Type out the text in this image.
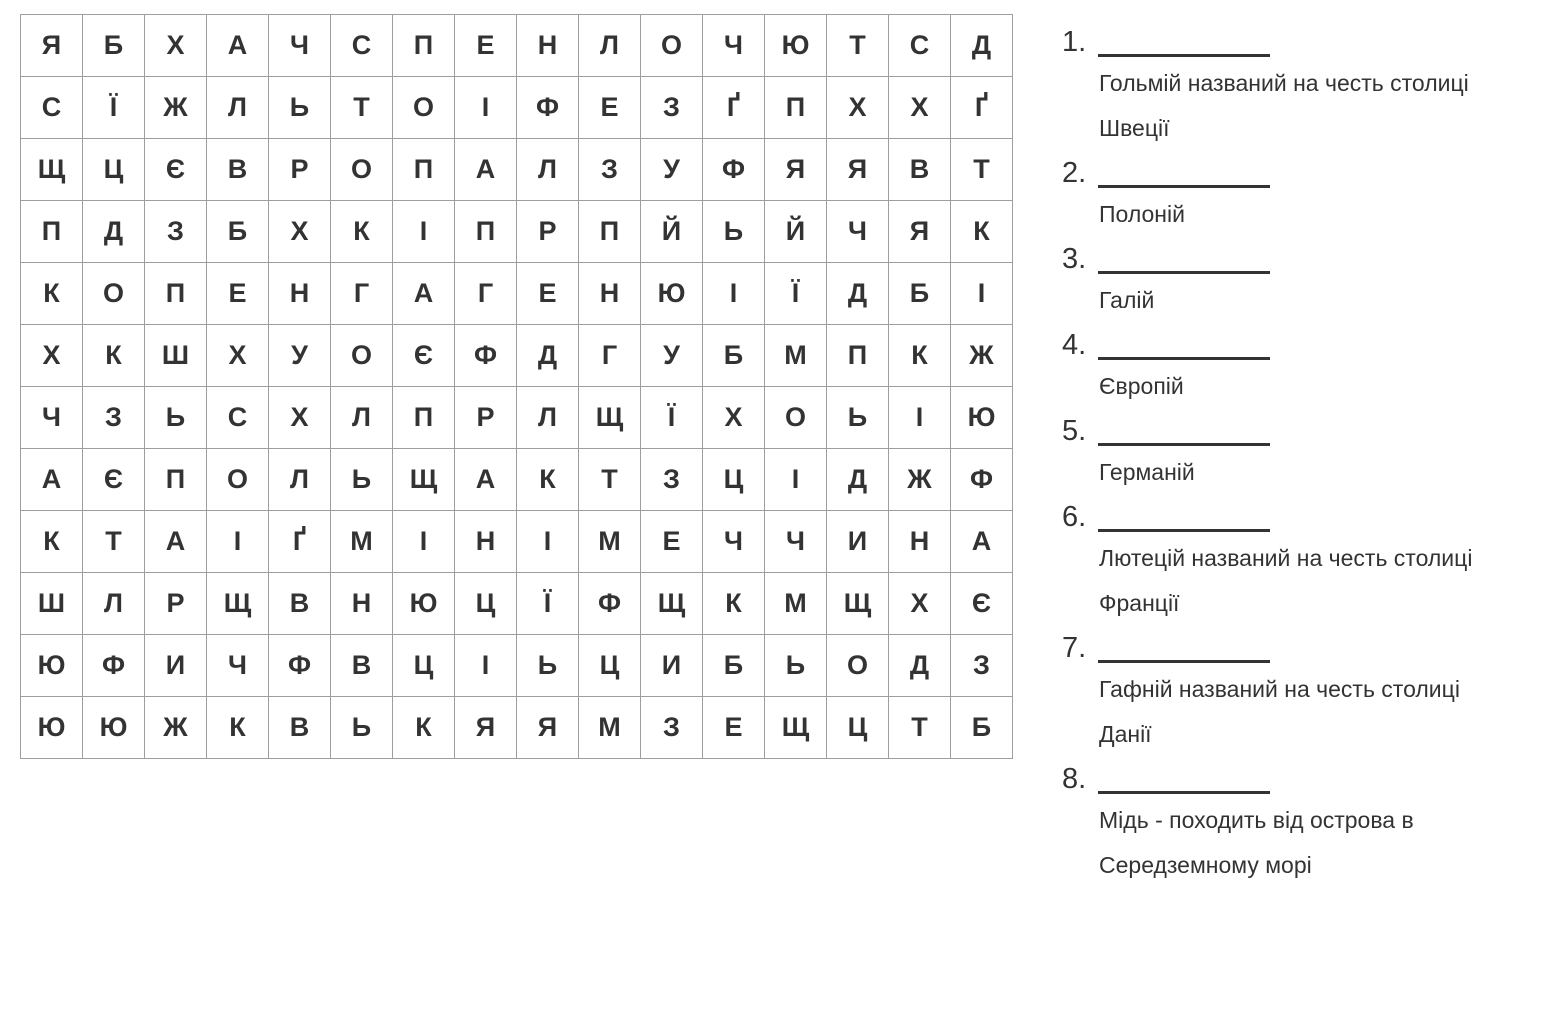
Я	Б	Х	А	Ч	С	П	Е	Н	Л	О	Ч	Ю	Т	С	Д
С	Ї	Ж	Л	Ь	Т	О	І	Ф	Е	З	Ґ	П	Х	Х	Ґ
Щ	Ц	Є	В	Р	О	П	А	Л	З	У	Ф	Я	Я	В	Т
П	Д	З	Б	Х	К	І	П	Р	П	Й	Ь	Й	Ч	Я	К
К	О	П	Е	Н	Г	А	Г	Е	Н	Ю	І	Ї	Д	Б	І
Х	К	Ш	Х	У	О	Є	Ф	Д	Г	У	Б	М	П	К	Ж
Ч	З	Ь	С	Х	Л	П	Р	Л	Щ	Ї	Х	О	Ь	І	Ю
А	Є	П	О	Л	Ь	Щ	А	К	Т	З	Ц	І	Д	Ж	Ф
К	Т	А	І	Ґ	М	І	Н	І	М	Е	Ч	Ч	И	Н	А
Ш	Л	Р	Щ	В	Н	Ю	Ц	Ї	Ф	Щ	К	М	Щ	Х	Є
Ю	Ф	И	Ч	Ф	В	Ц	І	Ь	Ц	И	Б	Ь	О	Д	З
Ю	Ю	Ж	К	В	Ь	К	Я	Я	М	З	Е	Щ	Ц	Т	Б
1.
Гольмій названий на честь столиці
Швеції
2.
Полоній
3.
Галій
4.
Європій
5.
Германій
6.
Лютецій названий на честь столиці
Франції
7.
Гафній названий на честь столиці
Данії
8.
Мідь - походить від острова в
Середземному морі
